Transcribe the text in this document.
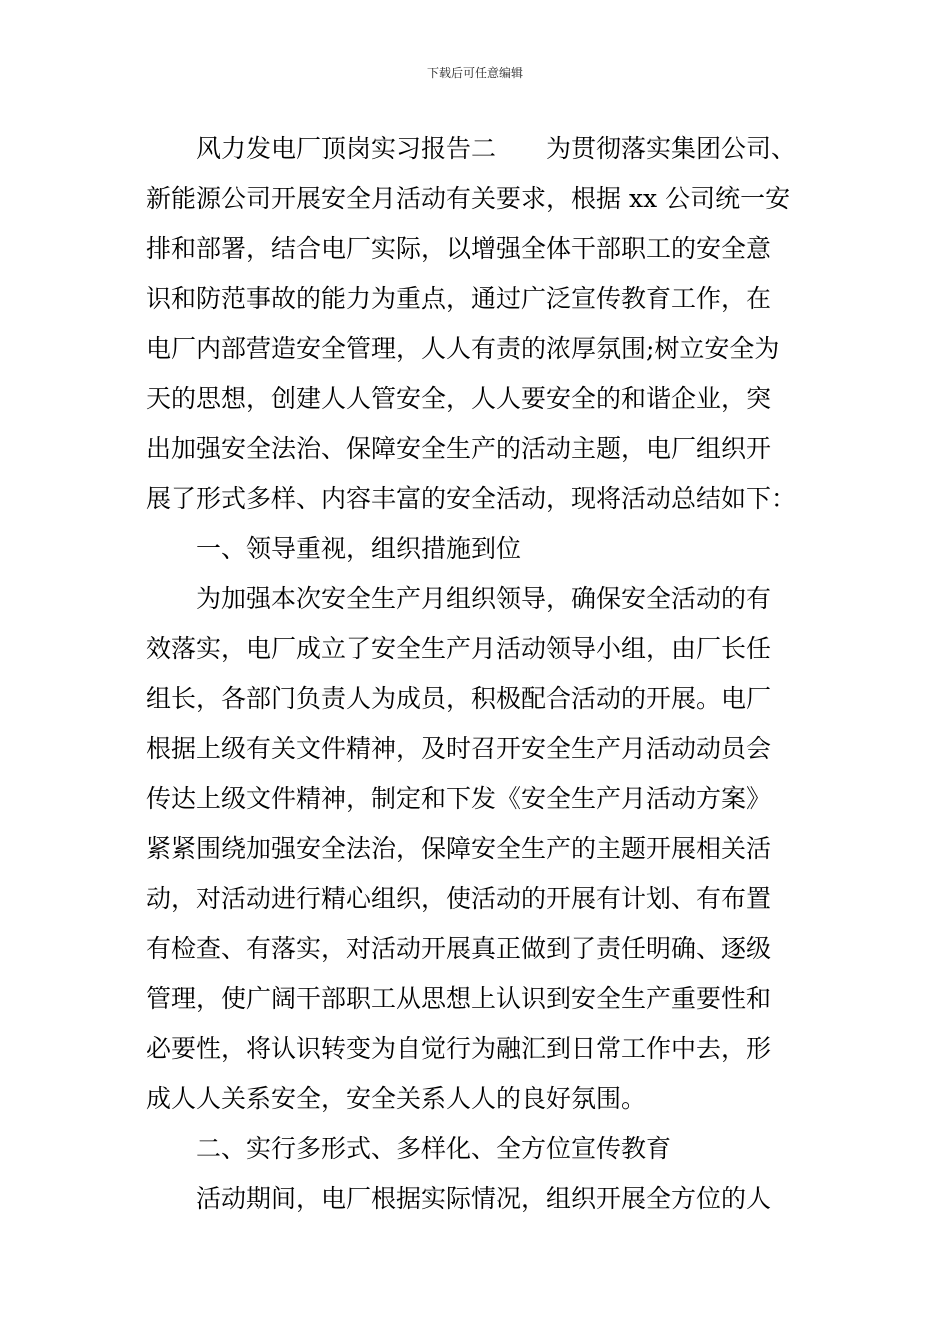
下载后可任意编辑
风力发电厂顶岗实习报告二　　为贯彻落实集团公司、
新能源公司开展安全月活动有关要求，根据 xx 公司统一安
排和部署，结合电厂实际，以增强全体干部职工的安全意
识和防范事故的能力为重点，通过广泛宣传教育工作，在
电厂内部营造安全管理，人人有责的浓厚氛围;树立安全为
天的思想，创建人人管安全，人人要安全的和谐企业，突
出加强安全法治、保障安全生产的活动主题，电厂组织开
展了形式多样、内容丰富的安全活动，现将活动总结如下：
一、领导重视，组织措施到位
为加强本次安全生产月组织领导，确保安全活动的有
效落实，电厂成立了安全生产月活动领导小组，由厂长任
组长，各部门负责人为成员，积极配合活动的开展。电厂
根据上级有关文件精神，及时召开安全生产月活动动员会
传达上级文件精神，制定和下发《安全生产月活动方案》
紧紧围绕加强安全法治，保障安全生产的主题开展相关活
动，对活动进行精心组织，使活动的开展有计划、有布置
有检查、有落实，对活动开展真正做到了责任明确、逐级
管理，使广阔干部职工从思想上认识到安全生产重要性和
必要性，将认识转变为自觉行为融汇到日常工作中去，形
成人人关系安全，安全关系人人的良好氛围。
二、实行多形式、多样化、全方位宣传教育
活动期间，电厂根据实际情况，组织开展全方位的人
